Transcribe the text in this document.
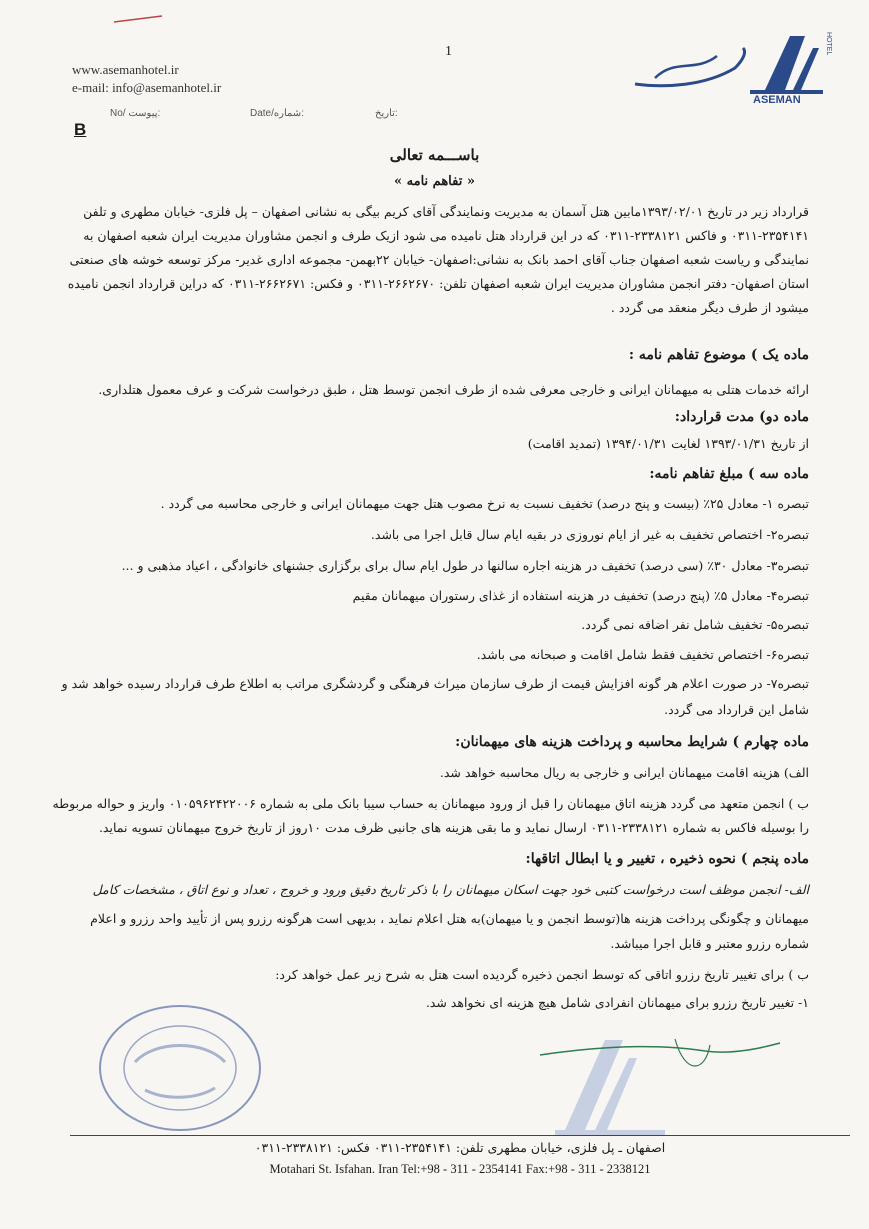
www.asemanhotel.ir
e-mail: info@asemanhotel.ir
1
ASEMAN
HOTEL
تاریخ:
Date/شماره:
No/ پیوست:
B
باســـمه تعالی
« تفاهم نامه »
قرارداد زیر در تاریخ ۱۳۹۳/۰۲/۰۱مابین هتل آسمان به مدیریت ونمایندگی آقای کریم بیگی به نشانی اصفهان – پل فلزی- خیابان مطهری و تلفن ۲۳۵۴۱۴۱-۰۳۱۱ و فاکس ۲۳۳۸۱۲۱-۰۳۱۱ که در این قرارداد هتل نامیده می شود ازیک طرف و انجمن مشاوران مدیریت ایران شعبه اصفهان به نمایندگی و ریاست شعبه اصفهان جناب آقای احمد بانک به نشانی:اصفهان- خیابان ۲۲بهمن- مجموعه اداری غدیر- مرکز توسعه خوشه های صنعتی استان اصفهان- دفتر انجمن مشاوران مدیریت ایران شعبه اصفهان تلفن: ۲۶۶۲۶۷۰-۰۳۱۱ و فکس: ۲۶۶۲۶۷۱-۰۳۱۱ که دراین قرارداد انجمن نامیده میشود از طرف دیگر منعقد می گردد .
ماده یک ) موضوع تفاهم نامه :
ارائه خدمات هتلی به میهمانان ایرانی و خارجی معرفی شده از طرف انجمن توسط هتل ، طبق درخواست شرکت و عرف معمول هتلداری.
ماده دو) مدت قرارداد:
از تاریخ ۱۳۹۳/۰۱/۳۱ لغایت ۱۳۹۴/۰۱/۳۱ (تمدید اقامت)
ماده سه ) مبلغ تفاهم نامه:
تبصره ۱- معادل ۲۵٪ (بیست و پنج درصد) تخفیف نسبت به نرخ مصوب هتل جهت میهمانان ایرانی و خارجی محاسبه می گردد .
تبصره۲- اختصاص تخفیف به غیر از ایام نوروزی در بقیه ایام سال قابل اجرا می باشد.
تبصره۳- معادل ۳۰٪ (سی درصد) تخفیف در هزینه اجاره سالنها در طول ایام سال برای برگزاری جشنهای خانوادگی ، اعیاد مذهبی و ...
تبصره۴- معادل ۵٪ (پنج درصد) تخفیف در هزینه استفاده از غذای رستوران میهمانان مقیم
تبصره۵- تخفیف شامل نفر اضافه نمی گردد.
تبصره۶- اختصاص تخفیف فقط شامل اقامت و صبحانه می باشد.
تبصره۷- در صورت اعلام هر گونه افزایش قیمت از طرف سازمان میراث فرهنگی و گردشگری مراتب به اطلاع طرف قرارداد رسیده خواهد شد و
شامل این قرارداد می گردد.
ماده چهارم ) شرایط محاسبه و پرداخت هزینه های میهمانان:
الف) هزینه اقامت میهمانان ایرانی و خارجی به ریال محاسبه خواهد شد.
ب ) انجمن متعهد می گردد هزینه اتاق میهمانان را قبل از ورود میهمانان به حساب سیبا بانک ملی به شماره ۰۱۰۵۹۶۲۴۲۲۰۰۶ واریز و حواله مربوطه
را بوسیله فاکس به شماره ۲۳۳۸۱۲۱-۰۳۱۱ ارسال نماید و ما بقی هزینه های جانبی ظرف مدت ۱۰روز از تاریخ خروج میهمانان تسویه نماید.
ماده پنجم ) نحوه ذخیره ، تغییر و یا ابطال اتاقها:
الف- انجمن موظف است درخواست کتبی خود جهت اسکان میهمانان را با ذکر تاریخ دقیق ورود و خروج ، تعداد و نوع اتاق ، مشخصات کامل
میهمانان و چگونگی پرداخت هزینه ها(توسط انجمن و یا میهمان)به هتل اعلام نماید ، بدیهی است هرگونه رزرو پس از تأیید واحد رزرو و اعلام
شماره رزرو معتبر و قابل اجرا میباشد.
ب ) برای تغییر تاریخ رزرو اتاقی که توسط انجمن ذخیره گردیده است هتل به شرح زیر عمل خواهد کرد:
۱- تغییر تاریخ رزرو برای میهمانان انفرادی شامل هیچ هزینه ای نخواهد شد.
اصفهان ـ پل فلزی، خیابان مطهری تلفن: ۲۳۵۴۱۴۱-۰۳۱۱ فکس: ۲۳۳۸۱۲۱-۰۳۱۱
Motahari St. Isfahan. Iran Tel:+98 - 311 - 2354141 Fax:+98 - 311 - 2338121
